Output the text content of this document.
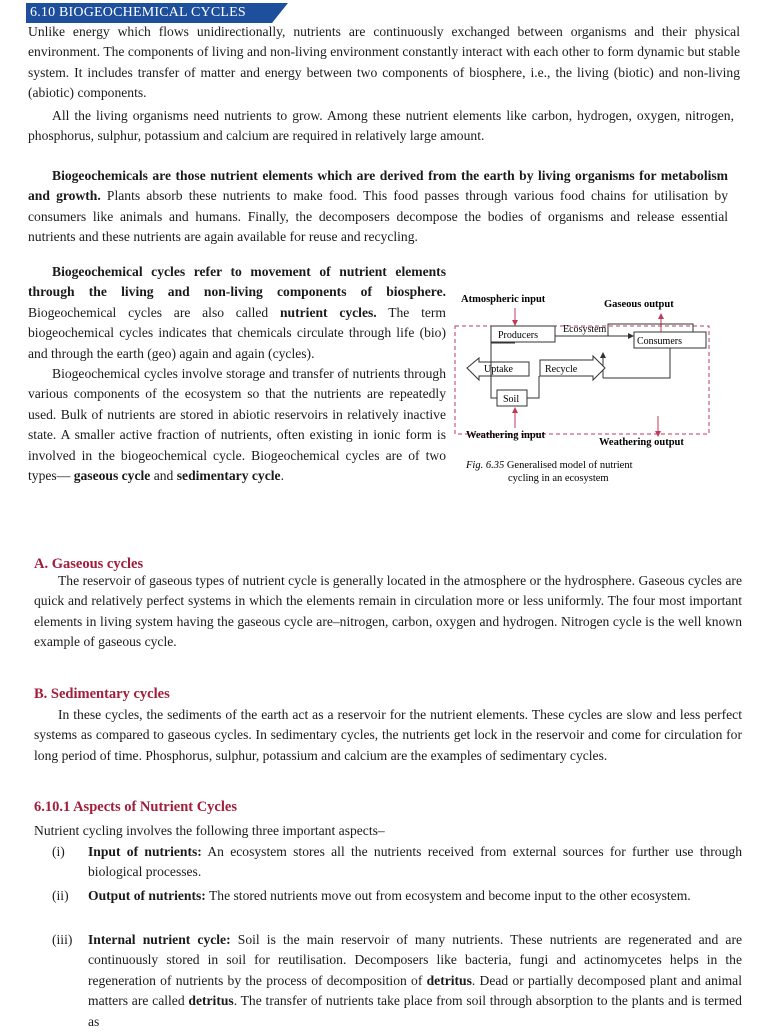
6.10 BIOGEOCHEMICAL CYCLES

Unlike energy which flows unidirectionally, nutrients are continuously exchanged between organisms and their physical environment. The components of living and non-living environment constantly interact with each other to form dynamic but stable system. It includes transfer of matter and energy between two components of biosphere, i.e., the living (biotic) and non-living (abiotic) components.

All the living organisms need nutrients to grow. Among these nutrient elements like carbon, hydrogen, oxygen, nitrogen, phosphorus, sulphur, potassium and calcium are required in relatively large amount.

Biogeochemicals are those nutrient elements which are derived from the earth by living organisms for metabolism and growth. Plants absorb these nutrients to make food. This food passes through various food chains for utilisation by consumers like animals and humans. Finally, the decomposers decompose the bodies of organisms and release essential nutrients and these nutrients are again available for reuse and recycling.

Biogeochemical cycles refer to movement of nutrient elements through the living and non-living components of biosphere. Biogeochemical cycles are also called nutrient cycles. The term biogeochemical cycles indicates that chemicals circulate through life (bio) and through the earth (geo) again and again (cycles).

Biogeochemical cycles involve storage and transfer of nutrients through various components of the ecosystem so that the nutrients are repeatedly used. Bulk of nutrients are stored in abiotic reservoirs in relatively inactive state. A smaller active fraction of nutrients, often existing in ionic form is involved in the biogeochemical cycle. Biogeochemical cycles are of two types— gaseous cycle and sedimentary cycle.

Atmospheric input	Gaseous output
Ecosystem
Producers
Consumers
Uptake	Recycle
Soil
Weathering input
Weathering output
Fig. 6.35 Generalised model of nutrient
cycling in an ecosystem
A. Gaseous cycles

The reservoir of gaseous types of nutrient cycle is generally located in the atmosphere or the hydrosphere. Gaseous cycles are quick and relatively perfect systems in which the elements remain in circulation more or less uniformly. The four most important elements in living system having the gaseous cycle are–nitrogen, carbon, oxygen and hydrogen. Nitrogen cycle is the well known example of gaseous cycle.

B. Sedimentary cycles

In these cycles, the sediments of the earth act as a reservoir for the nutrient elements. These cycles are slow and less perfect systems as compared to gaseous cycles. In sedimentary cycles, the nutrients get lock in the reservoir and come for circulation for long period of time. Phosphorus, sulphur, potassium and calcium are the examples of sedimentary cycles.

6.10.1 Aspects of Nutrient Cycles
Nutrient cycling involves the following three important aspects–
(i)	Input of nutrients: An ecosystem stores all the nutrients received from external sources for further use through biological processes.
(ii)	Output of nutrients: The stored nutrients move out from ecosystem and become input to the other ecosystem.
(iii)	Internal nutrient cycle: Soil is the main reservoir of many nutrients. These nutrients are regenerated and are continuously stored in soil for reutilisation. Decomposers like bacteria, fungi and actinomycetes helps in the regeneration of nutrients by the process of decomposition of detritus. Dead or partially decomposed plant and animal matters are called detritus. The transfer of nutrients take place from soil through absorption to the plants and is termed as
